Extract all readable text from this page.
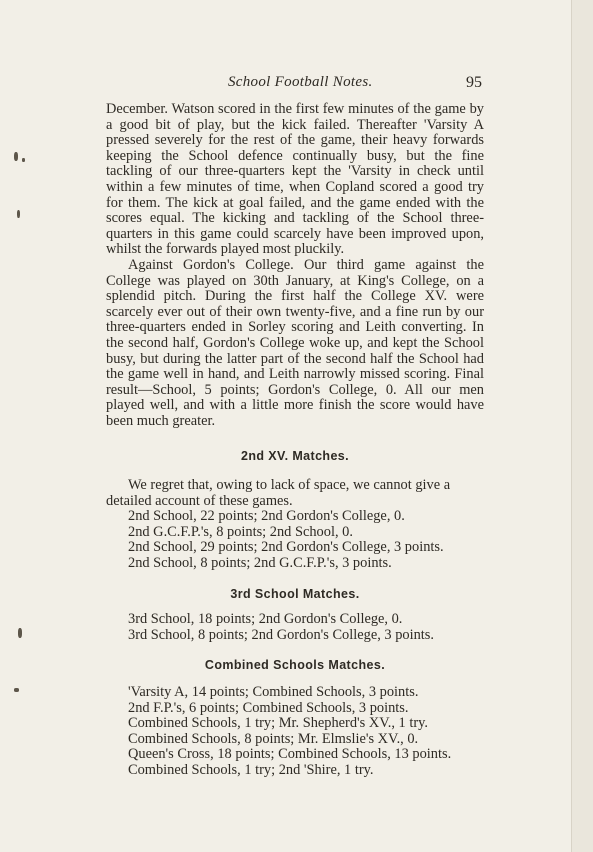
School Football Notes.	95

December. Watson scored in the first few minutes of the game by a good bit of play, but the kick failed. Thereafter 'Varsity A pressed severely for the rest of the game, their heavy forwards keeping the School defence continually busy, but the fine tackling of our three-quarters kept the 'Varsity in check until within a few minutes of time, when Copland scored a good try for them. The kick at goal failed, and the game ended with the scores equal. The kicking and tackling of the School three-quarters in this game could scarcely have been improved upon, whilst the forwards played most pluckily.

Against Gordon's College. Our third game against the College was played on 30th January, at King's College, on a splendid pitch. During the first half the College XV. were scarcely ever out of their own twenty-five, and a fine run by our three-quarters ended in Sorley scoring and Leith converting. In the second half, Gordon's College woke up, and kept the School busy, but during the latter part of the second half the School had the game well in hand, and Leith narrowly missed scoring. Final result—School, 5 points; Gordon's College, 0. All our men played well, and with a little more finish the score would have been much greater.

2nd XV. Matches.

We regret that, owing to lack of space, we cannot give a detailed account of these games.

2nd School, 22 points; 2nd Gordon's College, 0.
2nd G.C.F.P.'s, 8 points; 2nd School, 0.
2nd School, 29 points; 2nd Gordon's College, 3 points.
2nd School, 8 points; 2nd G.C.F.P.'s, 3 points.
3rd School Matches.
3rd School, 18 points; 2nd Gordon's College, 0.
3rd School, 8 points; 2nd Gordon's College, 3 points.
Combined Schools Matches.
'Varsity A, 14 points; Combined Schools, 3 points.
2nd F.P.'s, 6 points; Combined Schools, 3 points.
Combined Schools, 1 try; Mr. Shepherd's XV., 1 try.
Combined Schools, 8 points; Mr. Elmslie's XV., 0.
Queen's Cross, 18 points; Combined Schools, 13 points.
Combined Schools, 1 try; 2nd 'Shire, 1 try.
